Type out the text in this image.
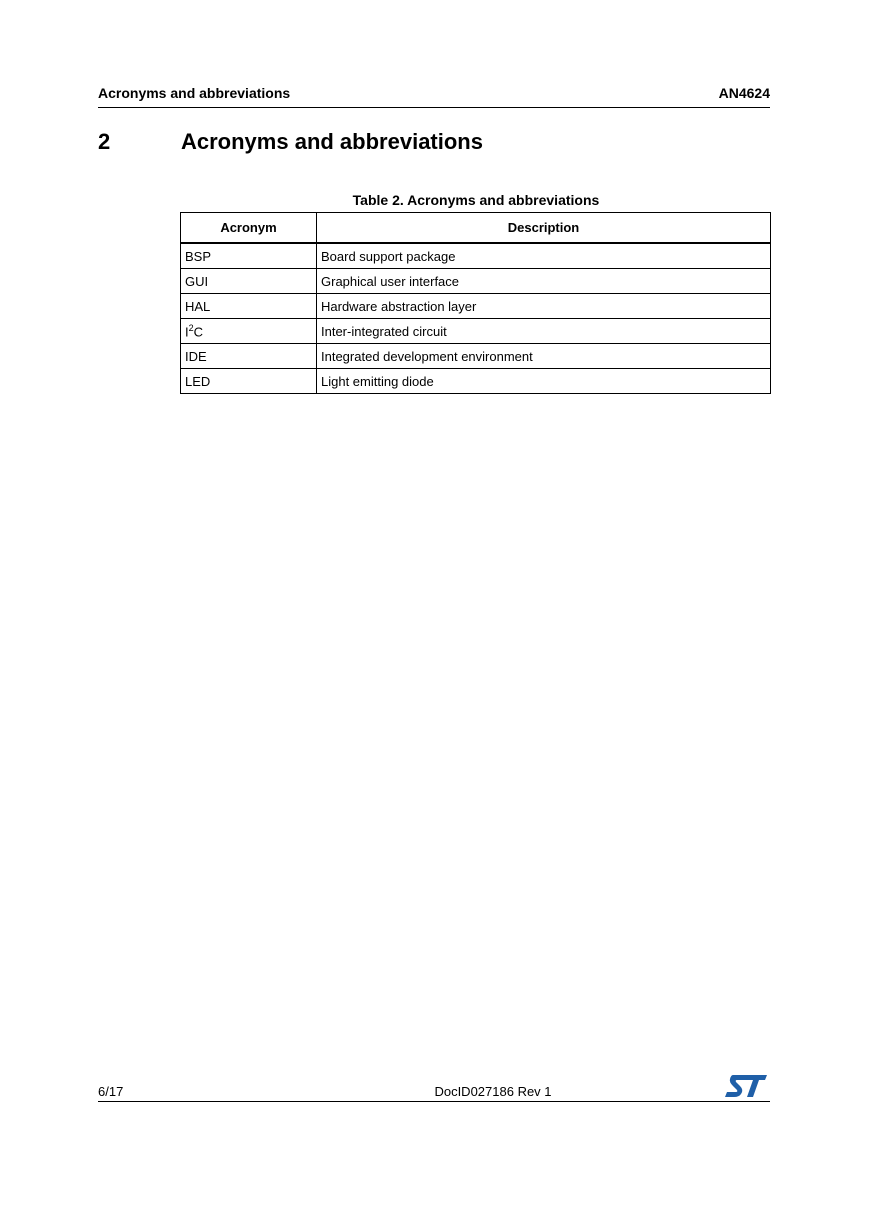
Acronyms and abbreviations	AN4624
2	Acronyms and abbreviations
Table 2. Acronyms and abbreviations
Acronym	Description
BSP	Board support package
GUI	Graphical user interface
HAL	Hardware abstraction layer
$I^2C$	Inter-integrated circuit
IDE	Integrated development environment
LED	Light emitting diode
6/17	DocID027186 Rev 1
